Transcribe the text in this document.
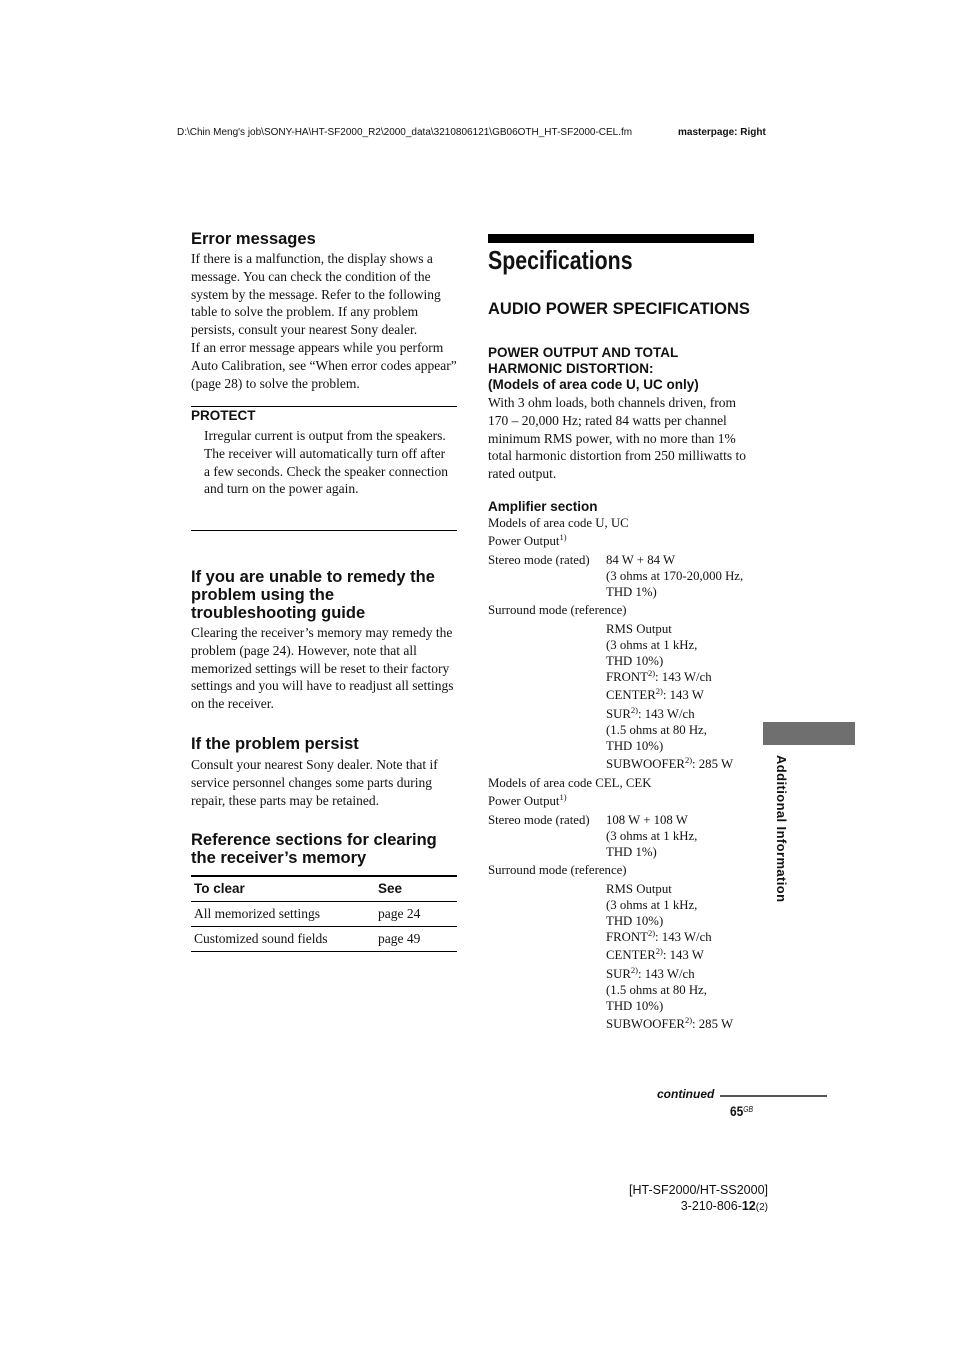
D:\Chin Meng's job\SONY-HA\HT-SF2000_R2\2000_data\3210806121\GB06OTH_HT-SF2000-CEL.fm	masterpage: Right
Error messages

If there is a malfunction, the display shows a message. You can check the condition of the system by the message. Refer to the following table to solve the problem. If any problem persists, consult your nearest Sony dealer.

If an error message appears while you perform Auto Calibration, see “When error codes appear” (page 28) to solve the problem.

PROTECT

Irregular current is output from the speakers. The receiver will automatically turn off after a few seconds. Check the speaker connection and turn on the power again.

If you are unable to remedy the problem using the troubleshooting guide

Clearing the receiver’s memory may remedy the problem (page 24). However, note that all memorized settings will be reset to their factory settings and you will have to readjust all settings on the receiver.

If the problem persist

Consult your nearest Sony dealer. Note that if service personnel changes some parts during repair, these parts may be retained.

Reference sections for clearing the receiver’s memory
To clear	See
All memorized settings	page 24
Customized sound fields	page 49
Specifications
AUDIO POWER SPECIFICATIONS
POWER OUTPUT AND TOTAL HARMONIC DISTORTION:
(Models of area code U, UC only)

With 3 ohm loads, both channels driven, from 170 – 20,000 Hz; rated 84 watts per channel minimum RMS power, with no more than 1% total harmonic distortion from 250 milliwatts to rated output.

Amplifier section
Models of area code U, UC
Power Output$^{1)}$
Stereo mode (rated) 84 W + 84 W
(3 ohms at 170-20,000 Hz,
THD 1%)
Surround mode (reference)
RMS Output
(3 ohms at 1 kHz,
THD 10%)
FRONT$^{2)}$: 143 W/ch
CENTER$^{2)}$: 143 W
SUR$^{2)}$: 143 W/ch
(1.5 ohms at 80 Hz,
THD 10%)
SUBWOOFER$^{2)}$: 285 W
Models of area code CEL, CEK
Power Output$^{1)}$
Stereo mode (rated) 108 W + 108 W
(3 ohms at 1 kHz,
THD 1%)
Surround mode (reference)
RMS Output
(3 ohms at 1 kHz,
THD 10%)
FRONT$^{2)}$: 143 W/ch
CENTER$^{2)}$: 143 W
SUR$^{2)}$: 143 W/ch
(1.5 ohms at 80 Hz,
THD 10%)
SUBWOOFER$^{2)}$: 285 W
Additional Information
continued
$65^{GB}$
[HT-SF2000/HT-SS2000]
3-210-806-12(2)
